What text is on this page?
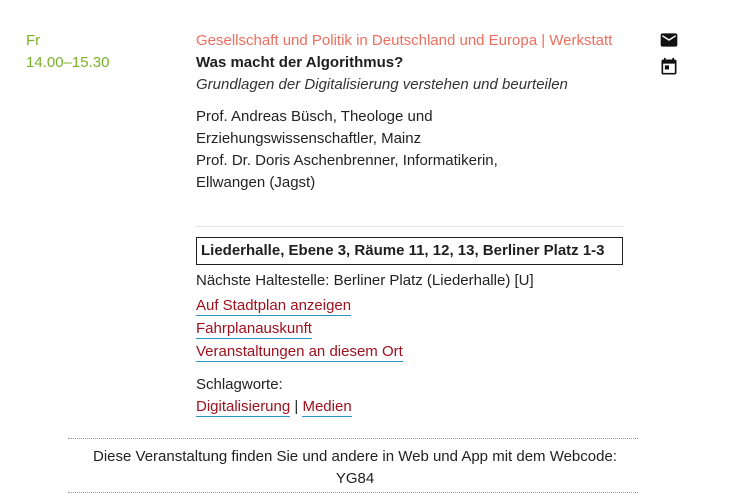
Fr
14.00–15.30
Gesellschaft und Politik in Deutschland und Europa | Werkstatt
Was macht der Algorithmus?
Grundlagen der Digitalisierung verstehen und beurteilen
Prof. Andreas Büsch, Theologe und Erziehungswissenschaftler, Mainz
Prof. Dr. Doris Aschenbrenner, Informatikerin, Ellwangen (Jagst)
Liederhalle, Ebene 3, Räume 11, 12, 13, Berliner Platz 1-3
Nächste Haltestelle: Berliner Platz (Liederhalle) [U]
Auf Stadtplan anzeigen
Fahrplanauskunft
Veranstaltungen an diesem Ort
Schlagworte:
Digitalisierung | Medien
Diese Veranstaltung finden Sie und andere in Web und App mit dem Webcode:
YG84
